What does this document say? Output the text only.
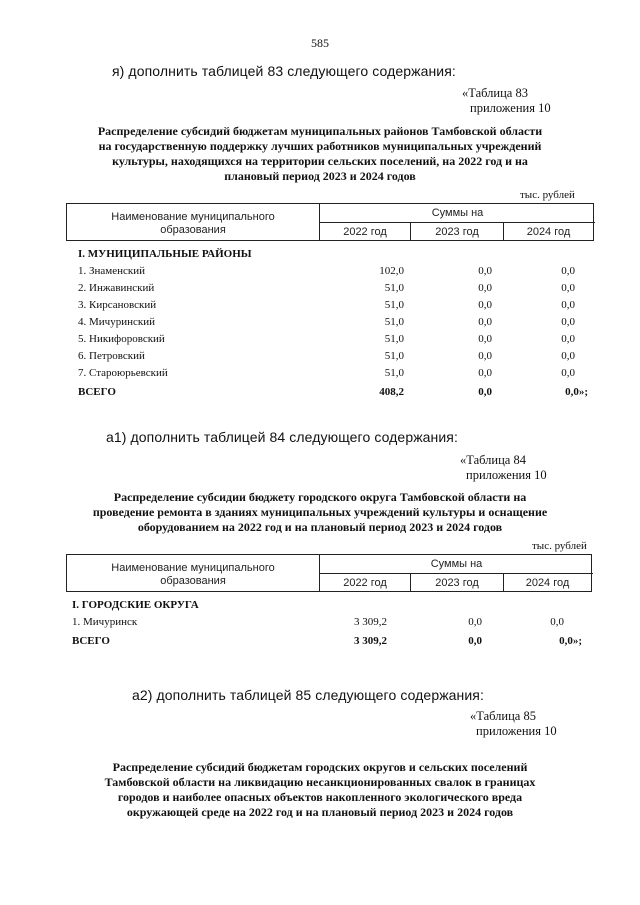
585
я) дополнить таблицей 83 следующего содержания:
«Таблица 83
приложения 10
Распределение субсидий бюджетам муниципальных районов Тамбовской области
на государственную поддержку лучших работников муниципальных учреждений
культуры, находящихся на территории сельских поселений, на 2022 год и на
плановый период 2023 и 2024 годов
тыс. рублей
Наименование муниципального
образования
Суммы на
2022 год	2023 год	2024 год
I. МУНИЦИПАЛЬНЫЕ РАЙОНЫ
1. Знаменский	102,0	0,0	0,0
2. Инжавинский	51,0	0,0	0,0
3. Кирсановский	51,0	0,0	0,0
4. Мичуринский	51,0	0,0	0,0
5. Никифоровский	51,0	0,0	0,0
6. Петровский	51,0	0,0	0,0
7. Староюрьевский	51,0	0,0	0,0
ВСЕГО	408,2	0,0	0,0»;
а1) дополнить таблицей 84 следующего содержания:
«Таблица 84
приложения 10
Распределение субсидии бюджету городского округа Тамбовской области на
проведение ремонта в зданиях муниципальных учреждений культуры и оснащение
оборудованием на 2022 год и на плановый период 2023 и 2024 годов
тыс. рублей
Наименование муниципального
образования
Суммы на
2022 год	2023 год	2024 год
I. ГОРОДСКИЕ ОКРУГА
1. Мичуринск	3 309,2	0,0	0,0
ВСЕГО	3 309,2	0,0	0,0»;
а2) дополнить таблицей 85 следующего содержания:
«Таблица 85
приложения 10
Распределение субсидий бюджетам городских округов и сельских поселений
Тамбовской области на ликвидацию несанкционированных свалок в границах
городов и наиболее опасных объектов накопленного экологического вреда
окружающей среде на 2022 год и на плановый период 2023 и 2024 годов
